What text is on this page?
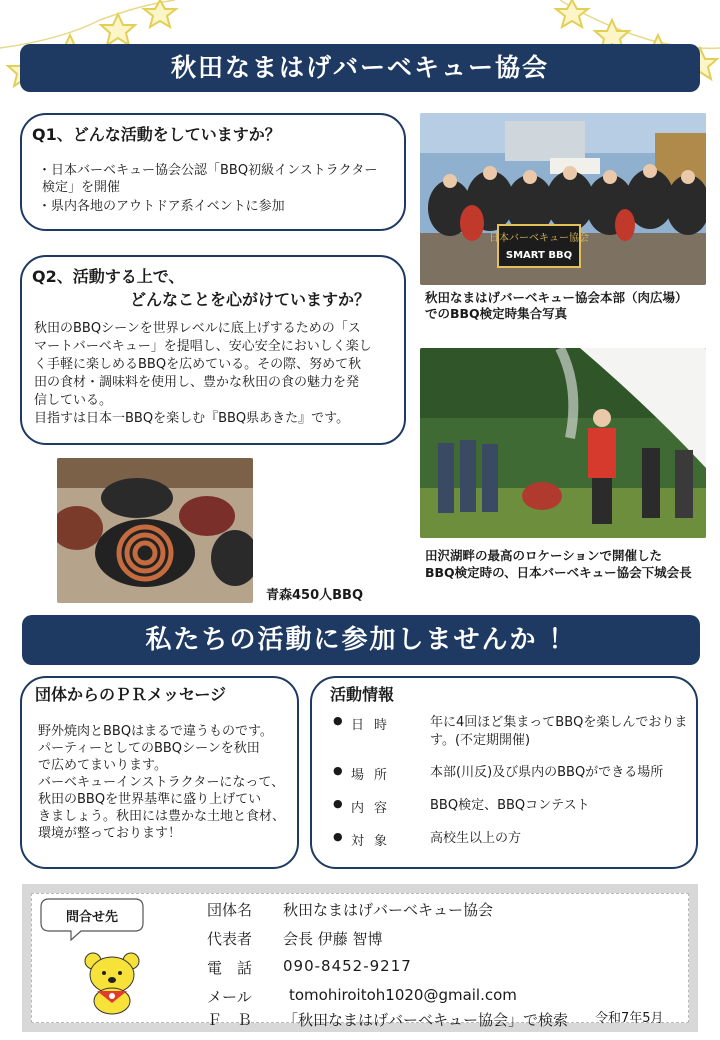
秋田なまはげバーベキュー協会
Q1、どんな活動をしていますか？
・日本バーベキュー協会公認「BBQ初級インストラクター
検定」を開催
・県内各地のアウトドア系イベントに参加
Q2、活動する上で、
どんなことを心がけていますか？
秋田のBBQシーンを世界レベルに底上げするための「ス
マートバーベキュー」を提唱し、安心安全においしく楽し
く手軽に楽しめるBBQを広めている。その際、努めて秋
田の食材・調味料を使用し、豊かな秋田の食の魅力を発
信している。
目指すは日本一BBQを楽しむ『BBQ県あきた』です。
日本バーベキュー協会
SMART BBQ
秋田なまはげバーベキュー協会本部（肉広場）
でのBBQ検定時集合写真
田沢湖畔の最高のロケーションで開催した
BBQ検定時の、日本バーベキュー協会下城会長
青森450人BBQ
私たちの活動に参加しませんか ！
団体からのＰＲメッセージ
野外焼肉とBBQはまるで違うものです。
パーティーとしてのBBQシーンを秋田
で広めてまいります。
バーベキューインストラクターになって、
秋田のBBQを世界基準に盛り上げてい
きましょう。秋田には豊かな土地と食材、
環境が整っております！
活動情報
● 日時	年に4回ほど集まってBBQを楽しんでおります。(不定期開催)
● 場所	本部(川反)及び県内のBBQができる場所
● 内容	BBQ検定、BBQコンテスト
● 対象	高校生以上の方
問合せ先	団体名	秋田なまはげバーベキュー協会
代表者	会長 伊藤 智博
電　話	090-8452-9217
メール	tomohiroitoh1020@gmail.com
Ｆ　Ｂ	「秋田なまはげバーベキュー協会」で検索 令和7年5月
